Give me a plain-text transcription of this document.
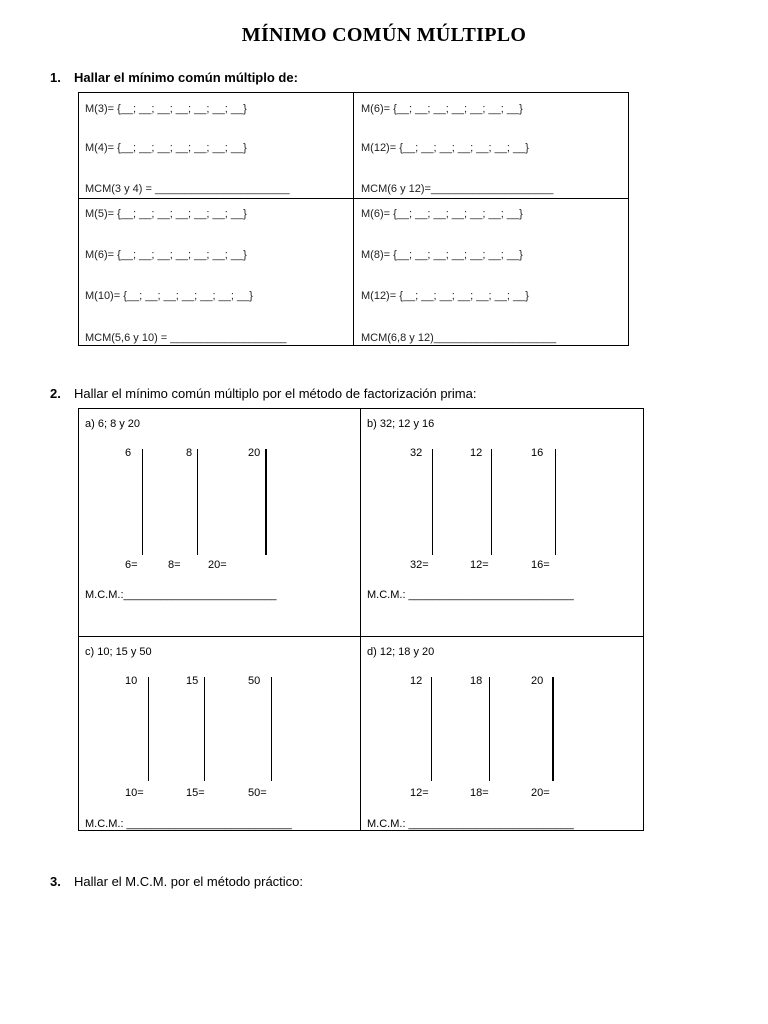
MÍNIMO COMÚN MÚLTIPLO
1. Hallar el mínimo común múltiplo de:
M(3)= {__; __; __; __; __; __; __}
M(4)= {__; __; __; __; __; __; __}
MCM(3 y 4) = ______________________
M(6)= {__; __; __; __; __; __; __}
M(12)= {__; __; __; __; __; __; __}
MCM(6 y 12)=____________________
M(5)= {__; __; __; __; __; __; __}
M(6)= {__; __; __; __; __; __; __}
M(10)= {__; __; __; __; __; __; __}
MCM(5,6 y 10) = ___________________
M(6)= {__; __; __; __; __; __; __}
M(8)= {__; __; __; __; __; __; __}
M(12)= {__; __; __; __; __; __; __}
MCM(6,8 y 12)____________________
2. Hallar el mínimo común múltiplo por el método de factorización prima:
a) 6; 8 y 20
6	8	20
6=	8= 20=
M.C.M.:_________________________
b) 32; 12 y 16
32	12	16
32=	12=	16=
M.C.M.: ___________________________
c) 10; 15 y 50
10	15	50
10=	15=	50=
M.C.M.: ___________________________
d) 12; 18 y 20
12	18	20
12=	18=	20=
M.C.M.: ___________________________
3. Hallar el M.C.M. por el método práctico:
